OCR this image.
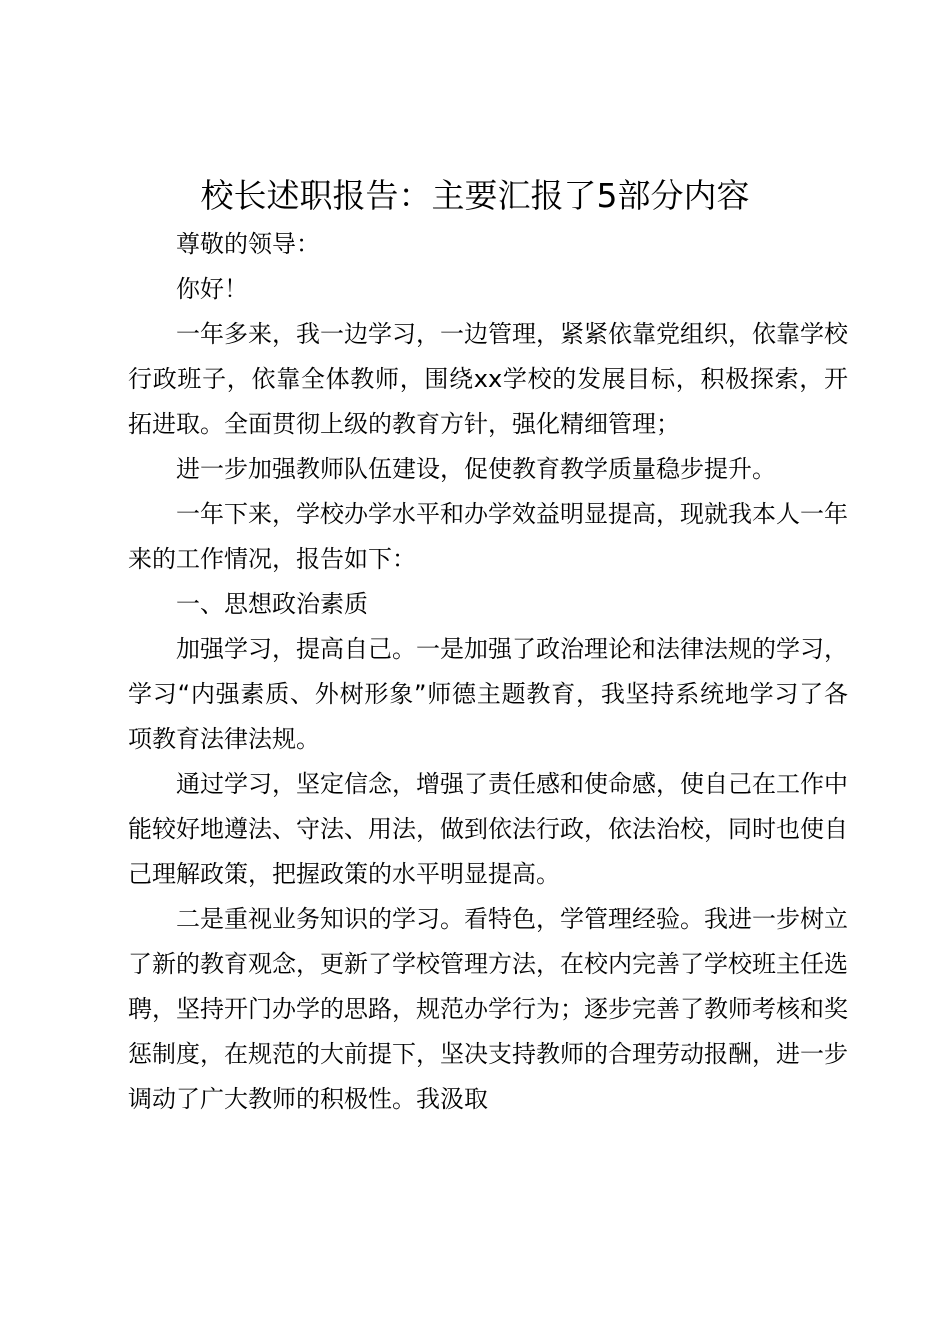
校长述职报告：主要汇报了5部分内容

尊敬的领导：

你好！

一年多来，我一边学习，一边管理，紧紧依靠党组织，依靠学校行政班子，依靠全体教师，围绕xx学校的发展目标，积极探索，开拓进取。全面贯彻上级的教育方针，强化精细管理；

进一步加强教师队伍建设，促使教育教学质量稳步提升。

一年下来，学校办学水平和办学效益明显提高，现就我本人一年来的工作情况，报告如下：

一、思想政治素质

加强学习，提高自己。一是加强了政治理论和法律法规的学习，学习“内强素质、外树形象”师德主题教育，我坚持系统地学习了各项教育法律法规。

通过学习，坚定信念，增强了责任感和使命感，使自己在工作中能较好地遵法、守法、用法，做到依法行政，依法治校，同时也使自己理解政策，把握政策的水平明显提高。

二是重视业务知识的学习。看特色，学管理经验。我进一步树立了新的教育观念，更新了学校管理方法，在校内完善了学校班主任选聘，坚持开门办学的思路，规范办学行为；逐步完善了教师考核和奖惩制度，在规范的大前提下，坚决支持教师的合理劳动报酬，进一步调动了广大教师的积极性。我汲取
